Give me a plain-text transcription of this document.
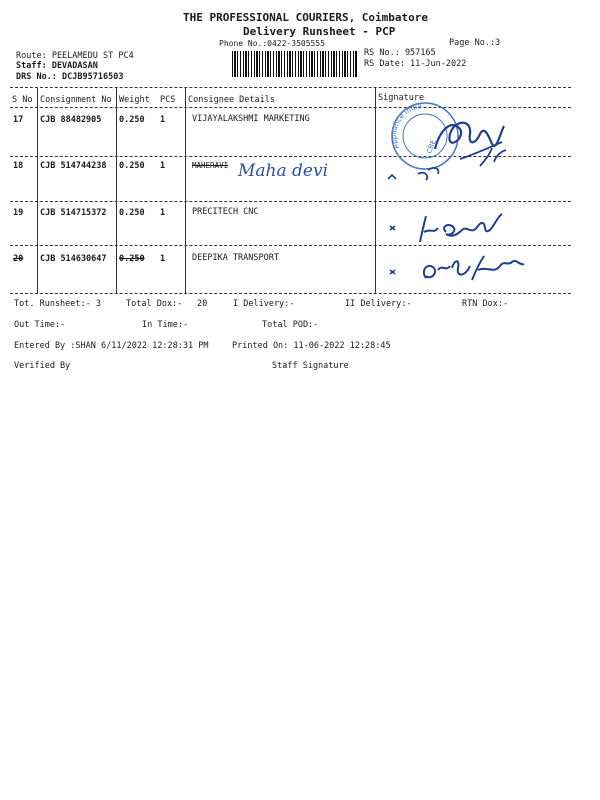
THE PROFESSIONAL COURIERS, Coimbatore
Delivery Runsheet - PCP
Phone No.:0422-3505555	Page No.:3
Route: PEELAMEDU ST PC4
Staff: DEVADASAN
DRS No.: DCJB95716503
RS No.: 957165
RS Date: 11-Jun-2022
S No Consignment No Weight PCS Consignee Details	Signature
17 CJB 88482905 0.250 1	VIJAYALAKSHMI MARKETING
18 CJB 514744238 0.250 1	MAHERAVI Maha devi
19 CJB 514715372 0.250 1	PRECITECH CNC
20 CJB 514630647 0.250 1	DEEPIKA TRANSPORT
Appliance India
CBE
Tot. Runsheet:- 3	Total Dox:- 20	I Delivery:-	II Delivery:-	RTN Dox:-
Out Time:-	In Time:-	Total POD:-
Entered By :SHAN 6/11/2022 12:28:31 PM	Printed On: 11-06-2022 12:28:45
Verified By	Staff Signature
